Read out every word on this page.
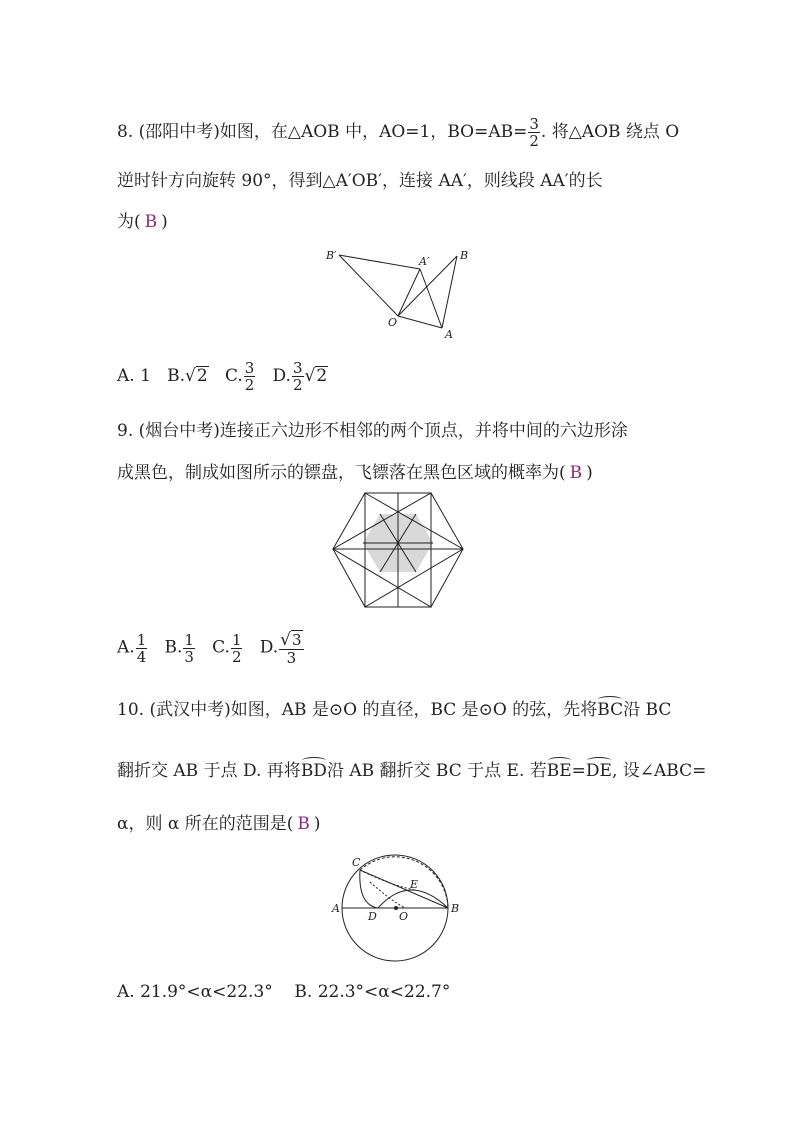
8. (邵阳中考)如图，在△AOB 中，AO=1，$BO=AB= \frac{3}{2}$ . 将△AOB 绕点 O
逆时针方向旋转 90°，得到△A′OB′，连接 AA′，则线段 AA′的长
为( B )
B′	A′	B
O
A
A. 1 B.√2 C. $\frac{3}{2} D$. $\frac{3}{2} √2$
9. (烟台中考)连接正六边形不相邻的两个顶点，并将中间的六边形涂
成黑色，制成如图所示的镖盘，飞镖落在黑色区域的概率为( B )
A. $\frac{1}{4} B$. $\frac{1}{3} C$. $\frac{1}{2} D$. $\frac{√3}{3}$
10. (武汉中考)如图，AB 是⊙O 的直径，BC 是⊙O 的弦，先将BC沿 BC
翻折交 AB 于点 D. 再将BD沿 AB 翻折交 BC 于点 E. 若BE=DE, 设∠ABC=
α，则 α 所在的范围是( B )
C
E
A
D O
B
A. 21.9°<α<22.3° B. 22.3°<α<22.7°
